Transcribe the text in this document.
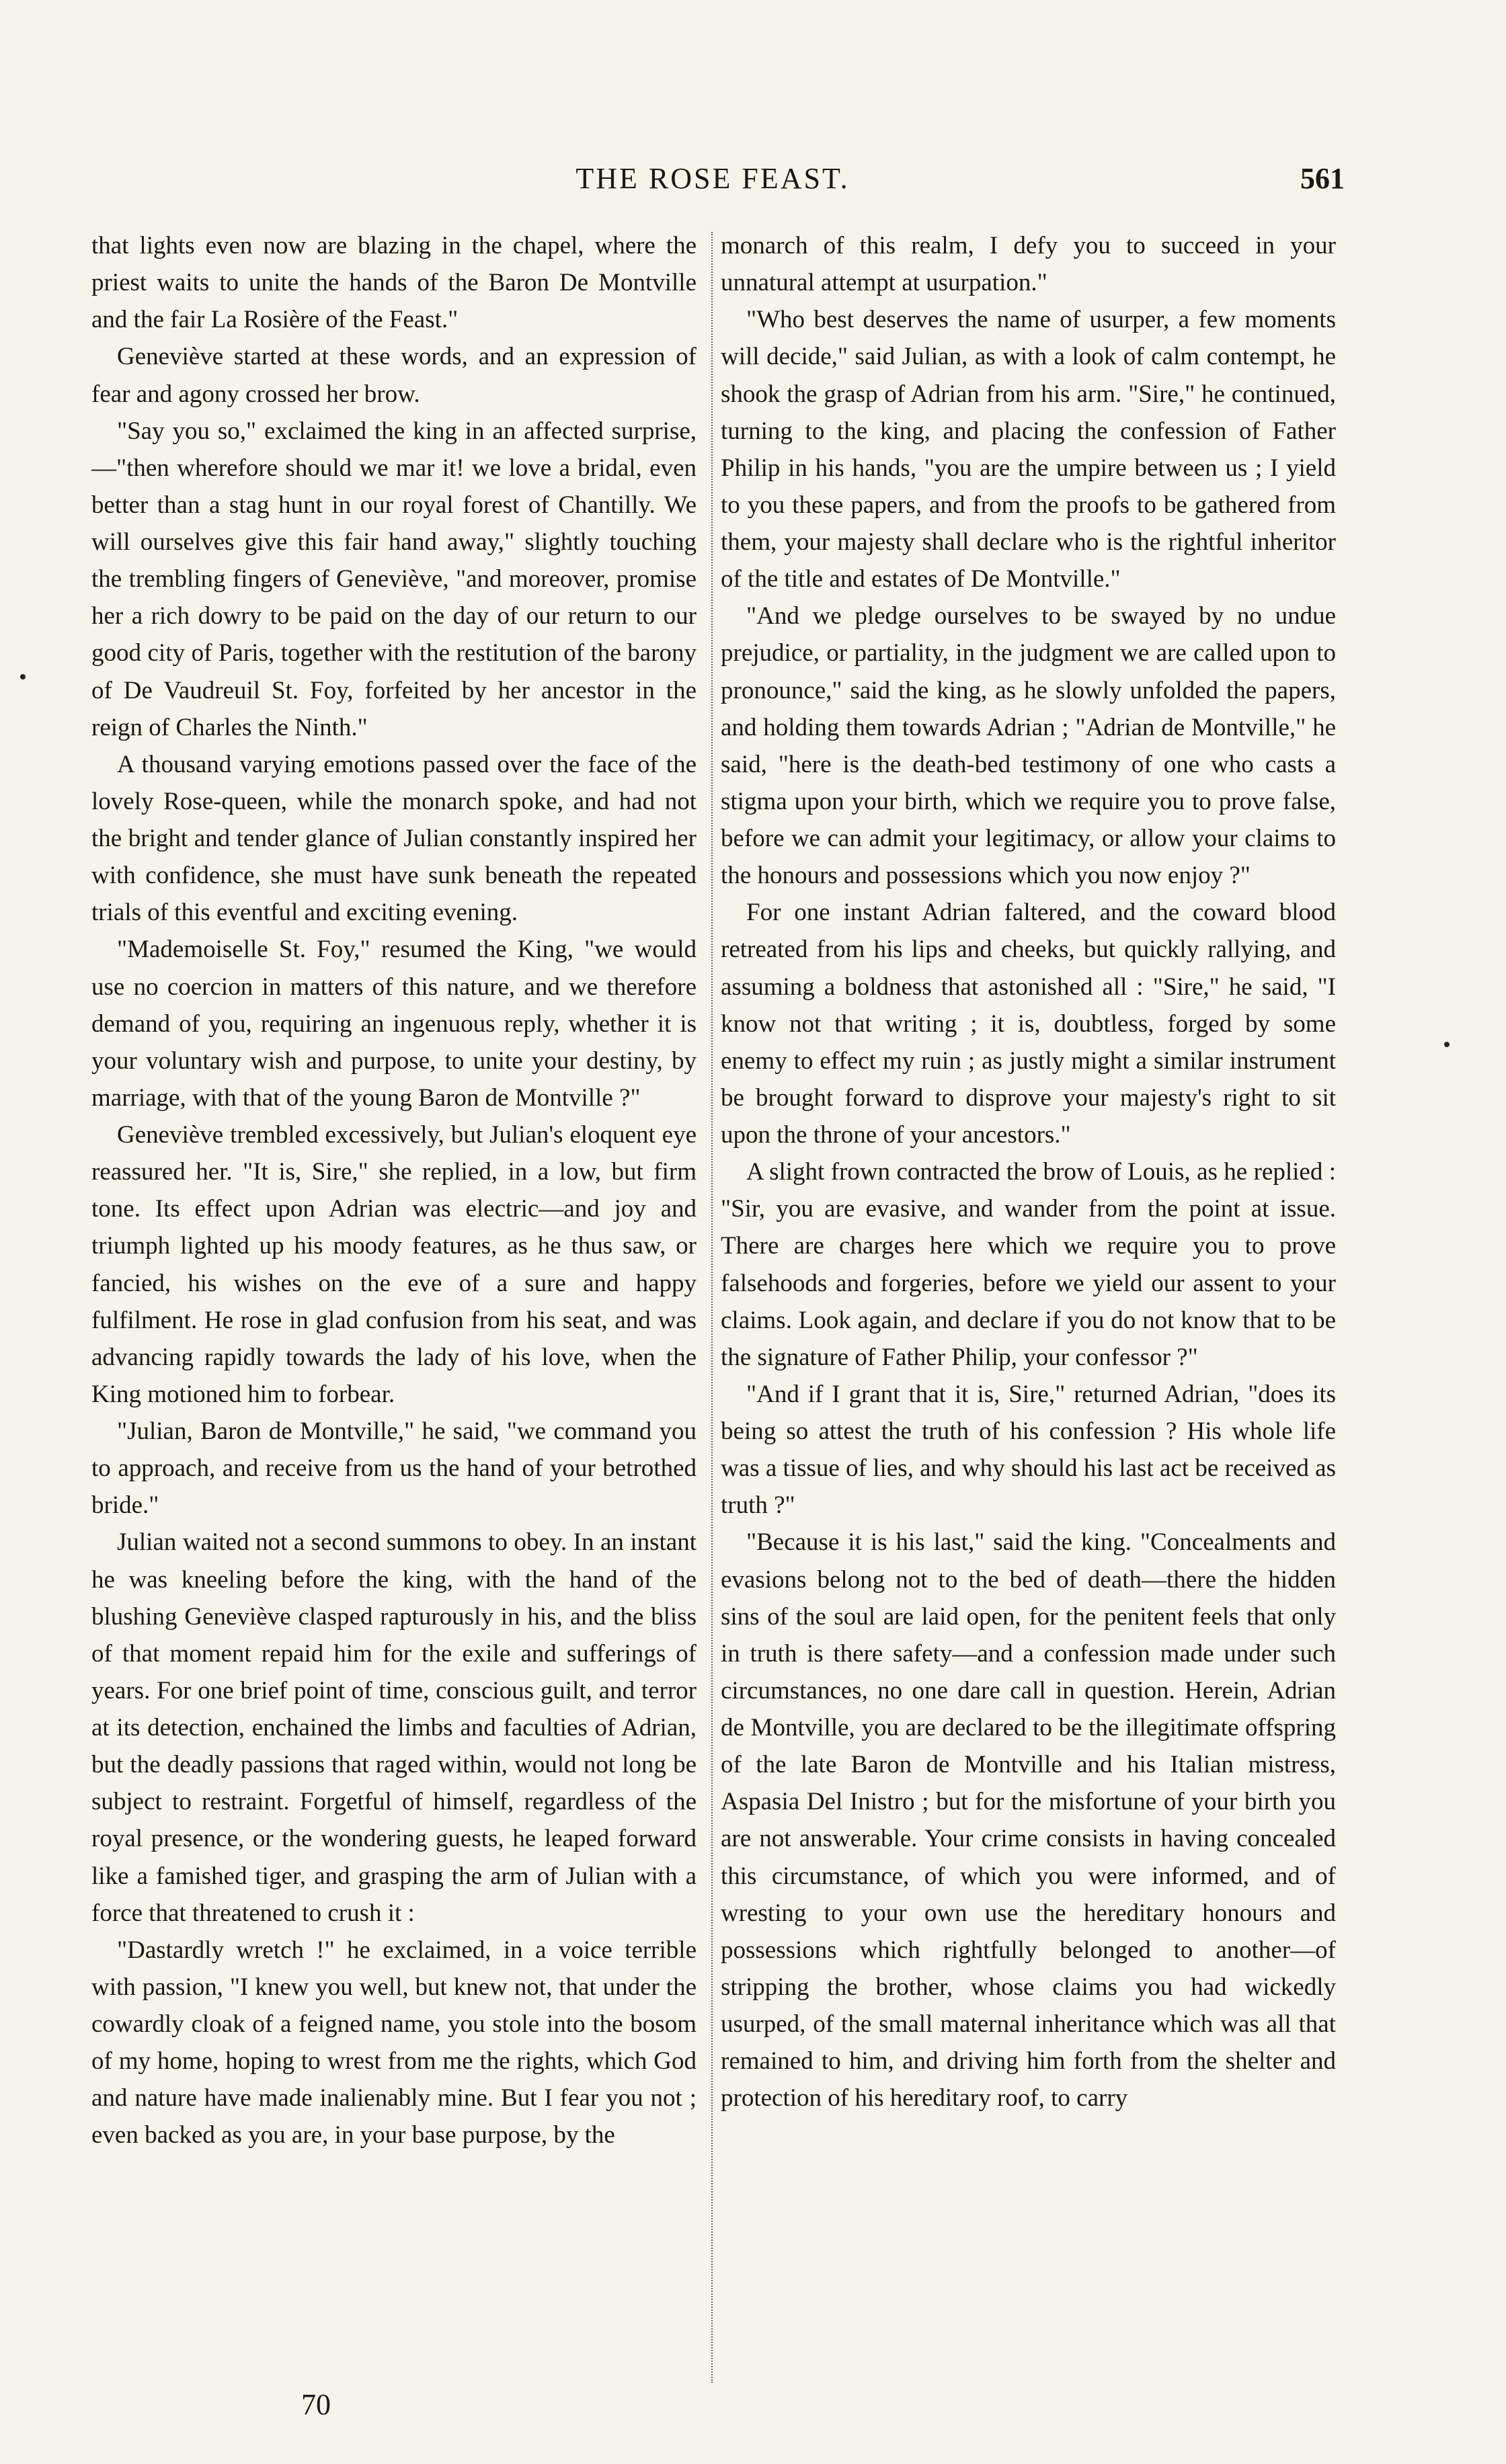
THE ROSE FEAST.	561

that lights even now are blazing in the chapel, where the priest waits to unite the hands of the Baron De Montville and the fair La Rosière of the Feast."

Geneviève started at these words, and an expression of fear and agony crossed her brow.

"Say you so," exclaimed the king in an affected surprise,—"then wherefore should we mar it! we love a bridal, even better than a stag hunt in our royal forest of Chantilly. We will ourselves give this fair hand away," slightly touching the trembling fingers of Geneviève, "and moreover, promise her a rich dowry to be paid on the day of our return to our good city of Paris, together with the restitution of the barony of De Vaudreuil St. Foy, forfeited by her ancestor in the reign of Charles the Ninth."

A thousand varying emotions passed over the face of the lovely Rose-queen, while the monarch spoke, and had not the bright and tender glance of Julian constantly inspired her with confidence, she must have sunk beneath the repeated trials of this eventful and exciting evening.

"Mademoiselle St. Foy," resumed the King, "we would use no coercion in matters of this nature, and we therefore demand of you, requiring an ingenuous reply, whether it is your voluntary wish and purpose, to unite your destiny, by marriage, with that of the young Baron de Montville ?"

Geneviève trembled excessively, but Julian's eloquent eye reassured her. "It is, Sire," she replied, in a low, but firm tone. Its effect upon Adrian was electric—and joy and triumph lighted up his moody features, as he thus saw, or fancied, his wishes on the eve of a sure and happy fulfilment. He rose in glad confusion from his seat, and was advancing rapidly towards the lady of his love, when the King motioned him to forbear.

"Julian, Baron de Montville," he said, "we command you to approach, and receive from us the hand of your betrothed bride."

Julian waited not a second summons to obey. In an instant he was kneeling before the king, with the hand of the blushing Geneviève clasped rapturously in his, and the bliss of that moment repaid him for the exile and sufferings of years. For one brief point of time, conscious guilt, and terror at its detection, enchained the limbs and faculties of Adrian, but the deadly passions that raged within, would not long be subject to restraint. Forgetful of himself, regardless of the royal presence, or the wondering guests, he leaped forward like a famished tiger, and grasping the arm of Julian with a force that threatened to crush it :

"Dastardly wretch !" he exclaimed, in a voice terrible with passion, "I knew you well, but knew not, that under the cowardly cloak of a feigned name, you stole into the bosom of my home, hoping to wrest from me the rights, which God and nature have made inalienably mine. But I fear you not ; even backed as you are, in your base purpose, by the

monarch of this realm, I defy you to succeed in your unnatural attempt at usurpation."

"Who best deserves the name of usurper, a few moments will decide," said Julian, as with a look of calm contempt, he shook the grasp of Adrian from his arm. "Sire," he continued, turning to the king, and placing the confession of Father Philip in his hands, "you are the umpire between us ; I yield to you these papers, and from the proofs to be gathered from them, your majesty shall declare who is the rightful inheritor of the title and estates of De Montville."

"And we pledge ourselves to be swayed by no undue prejudice, or partiality, in the judgment we are called upon to pronounce," said the king, as he slowly unfolded the papers, and holding them towards Adrian ; "Adrian de Montville," he said, "here is the death-bed testimony of one who casts a stigma upon your birth, which we require you to prove false, before we can admit your legitimacy, or allow your claims to the honours and possessions which you now enjoy ?"

For one instant Adrian faltered, and the coward blood retreated from his lips and cheeks, but quickly rallying, and assuming a boldness that astonished all : "Sire," he said, "I know not that writing ; it is, doubtless, forged by some enemy to effect my ruin ; as justly might a similar instrument be brought forward to disprove your majesty's right to sit upon the throne of your ancestors."

A slight frown contracted the brow of Louis, as he replied : "Sir, you are evasive, and wander from the point at issue. There are charges here which we require you to prove falsehoods and forgeries, before we yield our assent to your claims. Look again, and declare if you do not know that to be the signature of Father Philip, your confessor ?"

"And if I grant that it is, Sire," returned Adrian, "does its being so attest the truth of his confession ? His whole life was a tissue of lies, and why should his last act be received as truth ?"

"Because it is his last," said the king. "Concealments and evasions belong not to the bed of death—there the hidden sins of the soul are laid open, for the penitent feels that only in truth is there safety—and a confession made under such circumstances, no one dare call in question. Herein, Adrian de Montville, you are declared to be the illegitimate offspring of the late Baron de Montville and his Italian mistress, Aspasia Del Inistro ; but for the misfortune of your birth you are not answerable. Your crime consists in having concealed this circumstance, of which you were informed, and of wresting to your own use the hereditary honours and possessions which rightfully belonged to another—of stripping the brother, whose claims you had wickedly usurped, of the small maternal inheritance which was all that remained to him, and driving him forth from the shelter and protection of his hereditary roof, to carry

70
